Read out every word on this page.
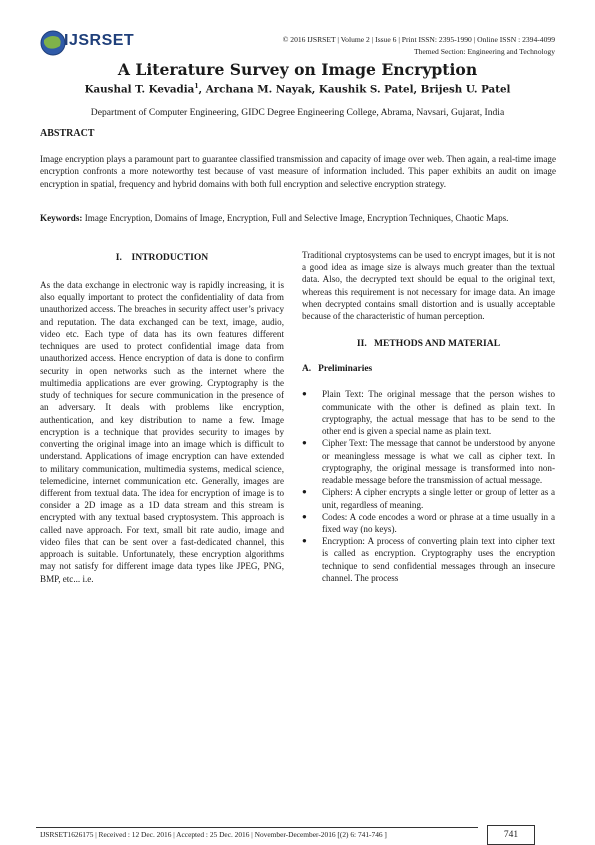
IJSRSET	© 2016 IJSRSET | Volume 2 | Issue 6 | Print ISSN: 2395-1990 | Online ISSN : 2394-4099
Themed Section: Engineering and Technology
A Literature Survey on Image Encryption
Kaushal T. Kevadia$^1$, Archana M. Nayak, Kaushik S. Patel, Brijesh U. Patel
Department of Computer Engineering, GIDC Degree Engineering College, Abrama, Navsari, Gujarat, India
ABSTRACT
Image encryption plays a paramount part to guarantee classified transmission and capacity of image over web. Then again, a real-time image encryption confronts a more noteworthy test because of vast measure of information included. This paper exhibits an audit on image encryption in spatial, frequency and hybrid domains with both full encryption and selective encryption strategy.
Keywords: Image Encryption, Domains of Image, Encryption, Full and Selective Image, Encryption Techniques, Chaotic Maps.

I.    INTRODUCTION

As the data exchange in electronic way is rapidly increasing, it is also equally important to protect the confidentiality of data from unauthorized access. The breaches in security affect user’s privacy and reputation. The data exchanged can be text, image, audio, video etc. Each type of data has its own features different techniques are used to protect confidential image data from unauthorized access. Hence encryption of data is done to confirm security in open networks such as the internet where the multimedia applications are ever growing. Cryptography is the study of techniques for secure communication in the presence of an adversary. It deals with problems like encryption, authentication, and key distribution to name a few. Image encryption is a technique that provides security to images by converting the original image into an image which is difficult to understand. Applications of image encryption can have extended to military communication, multimedia systems, medical science, telemedicine, internet communication etc. Generally, images are different from textual data. The idea for encryption of image is to consider a 2D image as a 1D data stream and this stream is encrypted with any textual based cryptosystem. This approach is called nave approach. For text, small bit rate audio, image and video files that can be sent over a fast-dedicated channel, this approach is suitable. Unfortunately, these encryption algorithms may not satisfy for different image data types like JPEG, PNG, BMP, etc... i.e.

Traditional cryptosystems can be used to encrypt images, but it is not a good idea as image size is always much greater than the textual data. Also, the decrypted text should be equal to the original text, whereas this requirement is not necessary for image data. An image when decrypted contains small distortion and is usually acceptable because of the characteristic of human perception.

II.   METHODS AND MATERIAL

A.   Preliminaries

● Plain Text: The original message that the person wishes to communicate with the other is defined as plain text. In cryptography, the actual message that has to be send to the other end is given a special name as plain text.
● Cipher Text: The message that cannot be understood by anyone or meaningless message is what we call as cipher text. In cryptography, the original message is transformed into non-readable message before the transmission of actual message.
● Ciphers: A cipher encrypts a single letter or group of letter as a unit, regardless of meaning.
● Codes: A code encodes a word or phrase at a time usually in a fixed way (no keys).
● Encryption: A process of converting plain text into cipher text is called as encryption. Cryptography uses the encryption technique to send confidential messages through an insecure channel. The process
IJSRSET1626175 | Received : 12 Dec. 2016 | Accepted : 25 Dec. 2016 | November-December-2016 [(2) 6: 741-746 ]	741
